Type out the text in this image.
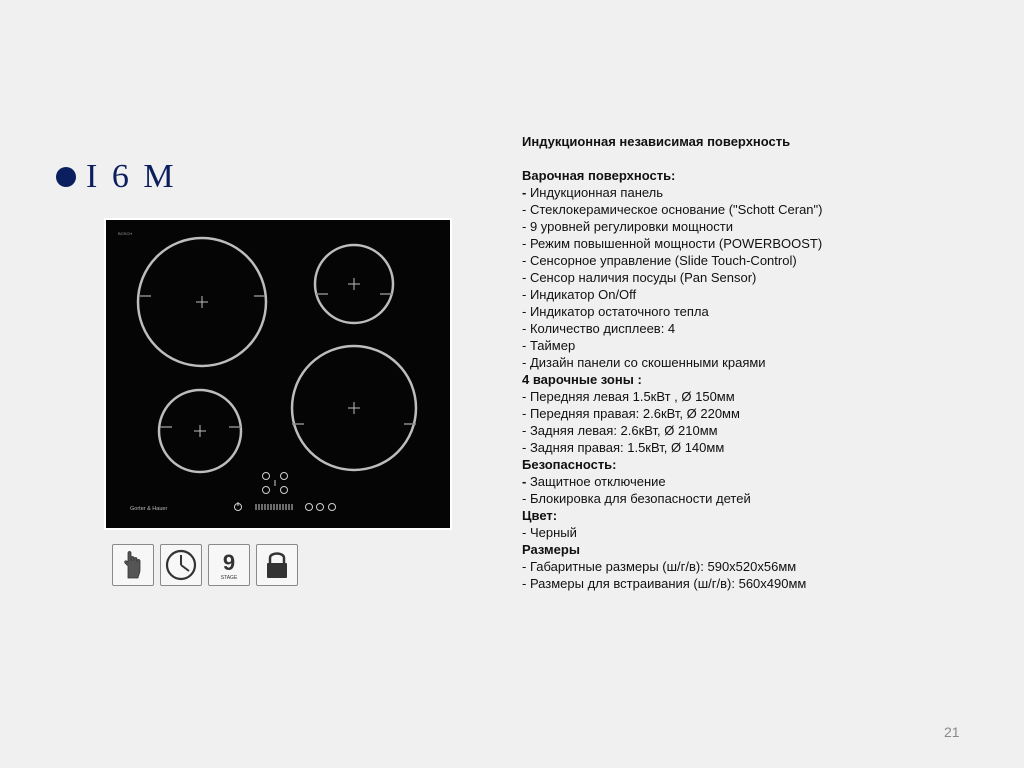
I 6 M
BOSCH
Gorter & Hauer
9
STAGE
Индукционная независимая поверхность
Варочная поверхность:
- Индукционная панель
- Стеклокерамическое основание ("Schott Ceran")
- 9 уровней регулировки мощности
- Режим повышенной мощности (POWERBOOST)
- Сенсорное управление (Slide Touch-Control)
- Сенсор наличия посуды (Pan Sensor)
- Индикатор On/Off
- Индикатор остаточного тепла
- Количество дисплеев: 4
- Таймер
- Дизайн панели со скошенными краями
4 варочные зоны :
- Передняя левая 1.5кВт , Ø 150мм
- Передняя правая: 2.6кВт, Ø 220мм
- Задняя левая: 2.6кВт, Ø 210мм
- Задняя правая: 1.5кВт, Ø 140мм
Безопасность:
- Защитное отключение
- Блокировка для безопасности детей
Цвет:
- Черный
Размеры
- Габаритные размеры (ш/г/в): 590х520х56мм
- Размеры для встраивания (ш/г/в): 560х490мм
21
